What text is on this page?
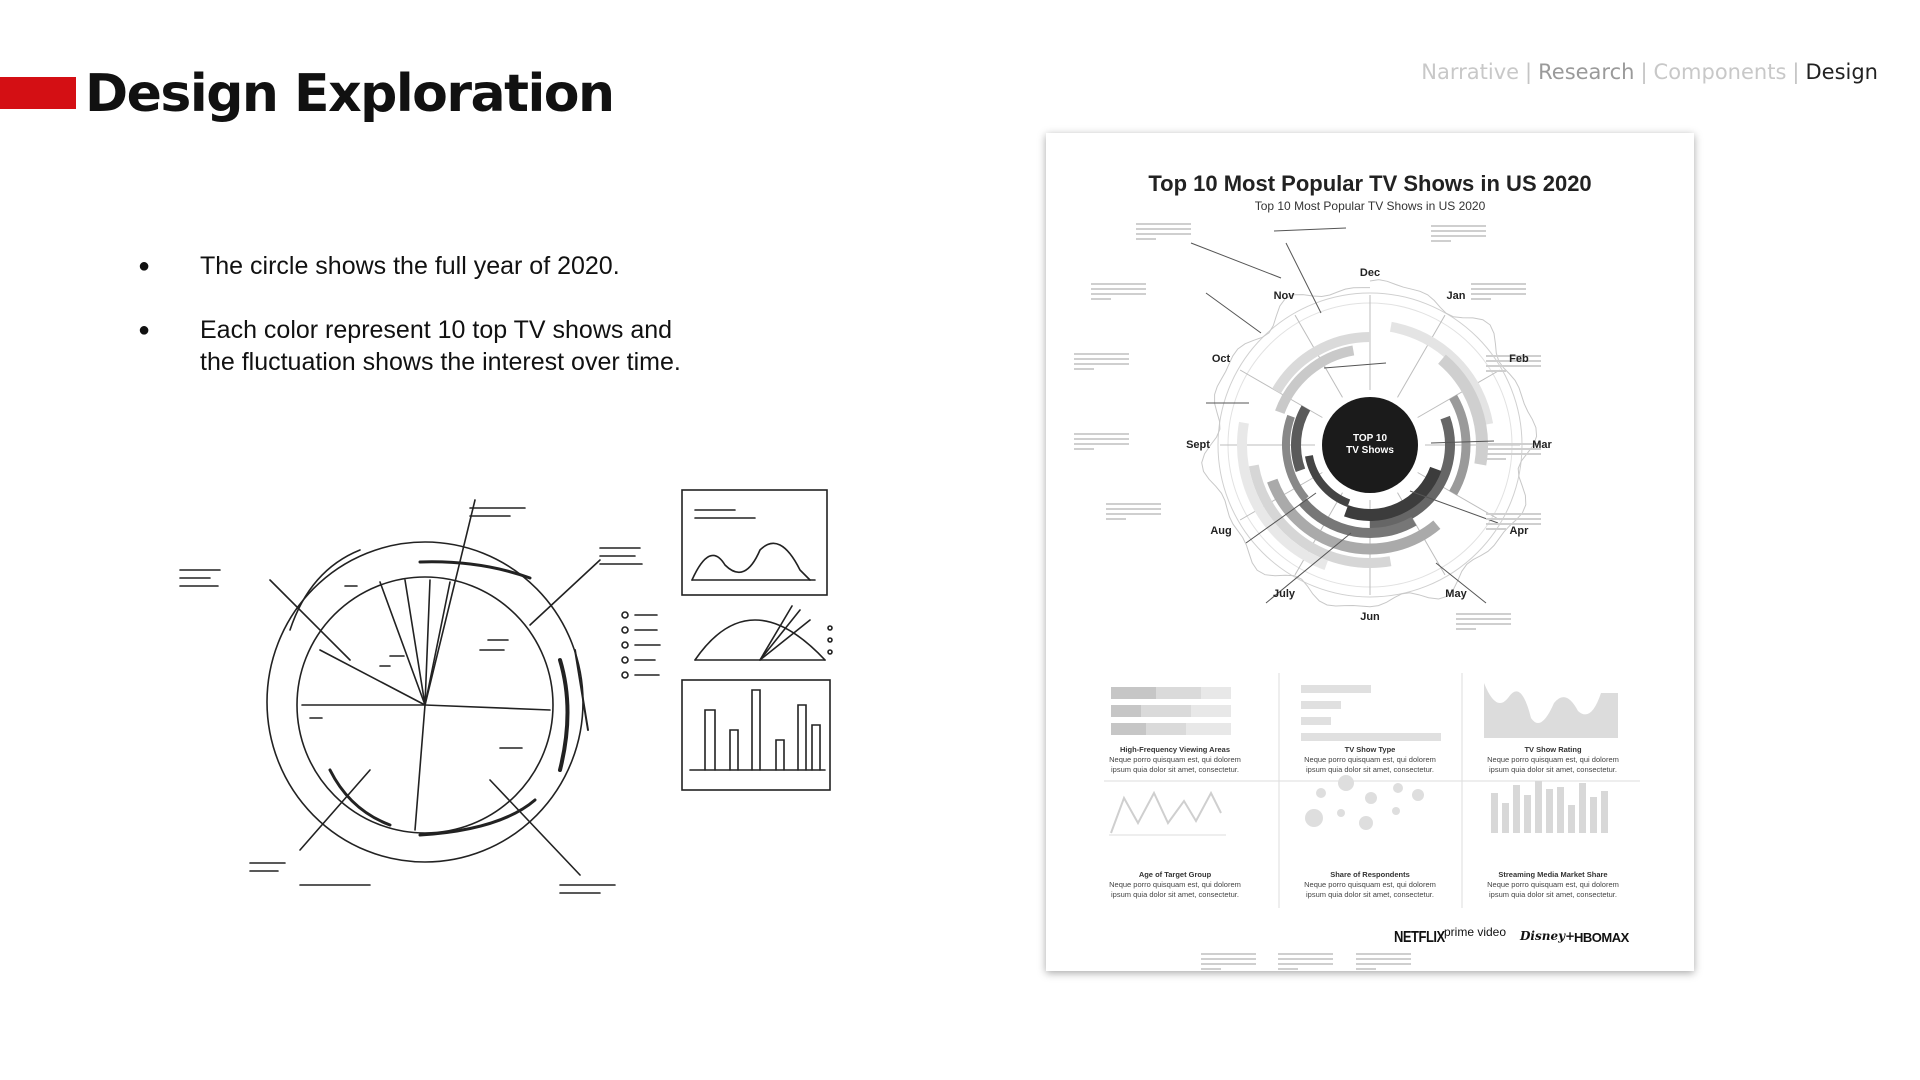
Design Exploration	Narrative | Research | Components | Design
● The circle shows the full year of 2020.
● Each color represent 10 top TV shows and the fluctuation shows the interest over time.
Top 10 Most Popular TV Shows in US 2020
Top 10 Most Popular TV Shows in US 2020
Dec
Jan
Feb
Mar
Apr
May
Jun
July
Aug
Sept
Oct
Nov
TOP 10
TV Shows
High-Frequency Viewing Areas
Neque porro quisquam est, qui dolorem ipsum quia dolor sit amet, consectetur.
TV Show Type
Neque porro quisquam est, qui dolorem ipsum quia dolor sit amet, consectetur.
TV Show Rating
Neque porro quisquam est, qui dolorem ipsum quia dolor sit amet, consectetur.
Age of Target Group
Neque porro quisquam est, qui dolorem ipsum quia dolor sit amet, consectetur.
Share of Respondents
Neque porro quisquam est, qui dolorem ipsum quia dolor sit amet, consectetur.
Streaming Media Market Share
Neque porro quisquam est, qui dolorem ipsum quia dolor sit amet, consectetur.
NETFLIX prime video Disney+
HBOMAX
